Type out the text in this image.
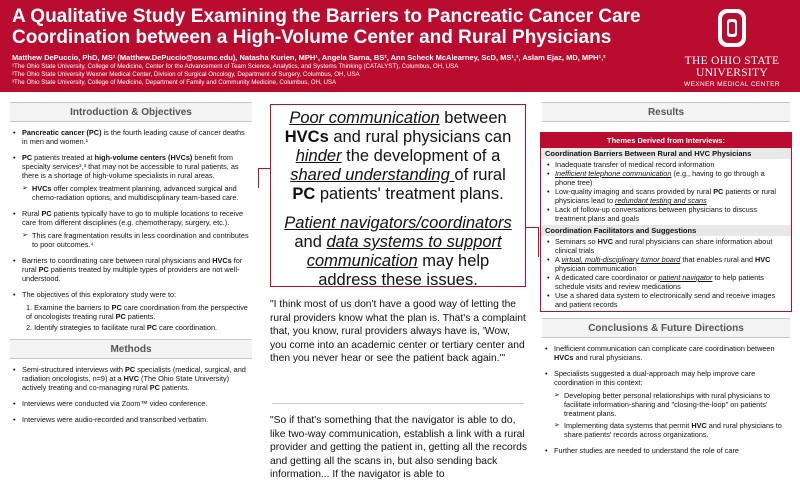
A Qualitative Study Examining the Barriers to Pancreatic Cancer Care
Coordination between a High-Volume Center and Rural Physicians
Matthew DePuccio, PhD, MS¹ (Matthew.DePuccio@osumc.edu), Natasha Kurien, MPH¹, Angela Sarna, BS², Ann Scheck McAlearney, ScD, MS¹,³, Aslam Ejaz, MD, MPH¹,²
¹The Ohio State University, College of Medicine, Center for the Advancement of Team Science, Analytics, and Systems Thinking (CATALYST), Columbus, OH, USA
²The Ohio State University Wexner Medical Center, Division of Surgical Oncology, Department of Surgery, Columbus, OH, USA
³The Ohio State University, College of Medicine, Department of Family and Community Medicine, Columbus, OH, USA
THE OHIO STATE
UNIVERSITY
WEXNER MEDICAL CENTER
Introduction & Objectives
• Pancreatic cancer (PC) is the fourth leading cause of cancer deaths in men and women.¹
• PC patients treated at high-volume centers (HVCs) benefit from specialty services²,³ that may not be accessible to rural patients, as there is a shortage of high-volume specialists in rural areas.
➢ HVCs offer complex treatment planning, advanced surgical and chemo-radiation options, and multidisciplinary team-based care.
• Rural PC patients typically have to go to multiple locations to receive care from different disciplines (e.g. chemotherapy, surgery, etc.).
➢ This care fragmentation results in less coordination and contributes to poor outcomes.⁴
• Barriers to coordinating care between rural physicians and HVCs for rural PC patients treated by multiple types of providers are not well-understood.
• The objectives of this exploratory study were to:
1. Examine the barriers to PC care coordination from the perspective of oncologists treating rural PC patients.
2. Identify strategies to facilitate rural PC care coordination.
Methods
• Semi-structured interviews with PC specialists (medical, surgical, and radiation oncologists, n=9) at a HVC (The Ohio State University) actively treating and co-managing rural PC patients.
• Interviews were conducted via Zoom™ video conference.
• Interviews were audio-recorded and transcribed verbatim.

Poor communication between HVCs and rural physicians can hinder the development of a shared understanding of rural PC patients' treatment plans.

Patient navigators/coordinators and data systems to support communication may help address these issues.

"I think most of us don't have a good way of letting the rural providers know what the plan is. That's a complaint that, you know, rural providers always have is, 'Wow, you come into an academic center or tertiary center and then you never hear or see the patient back again.'"
"So if that's something that the navigator is able to do, like two-way communication, establish a link with a rural provider and getting the patient in, getting all the records and getting all the scans in, but also sending back information... If the navigator is able to
Results
Themes Derived from Interviews:
Coordination Barriers Between Rural and HVC Physicians
• Inadequate transfer of medical record information
• Inefficient telephone communication (e.g., having to go through a phone tree)
• Low-quality imaging and scans provided by rural PC patients or rural physicians lead to redundant testing and scans
• Lack of follow-up conversations between physicians to discuss treatment plans and goals
Coordination Facilitators and Suggestions
• Seminars so HVC and rural physicians can share information about clinical trials
• A virtual, multi-disciplinary tumor board that enables rural and HVC physician communication
• A dedicated care coordinator or patient navigator to help patients schedule visits and review medications
• Use a shared data system to electronically send and receive images and patient records
Conclusions & Future Directions
• Inefficient communication can complicate care coordination between HVCs and rural physicians.
• Specialists suggested a dual-approach may help improve care coordination in this context:
➢ Developing better personal relationships with rural physicians to facilitate information-sharing and "closing-the-loop" on patients' treatment plans.
➢ Implementing data systems that permit HVC and rural physicians to share patients' records across organizations.
• Further studies are needed to understand the role of care
